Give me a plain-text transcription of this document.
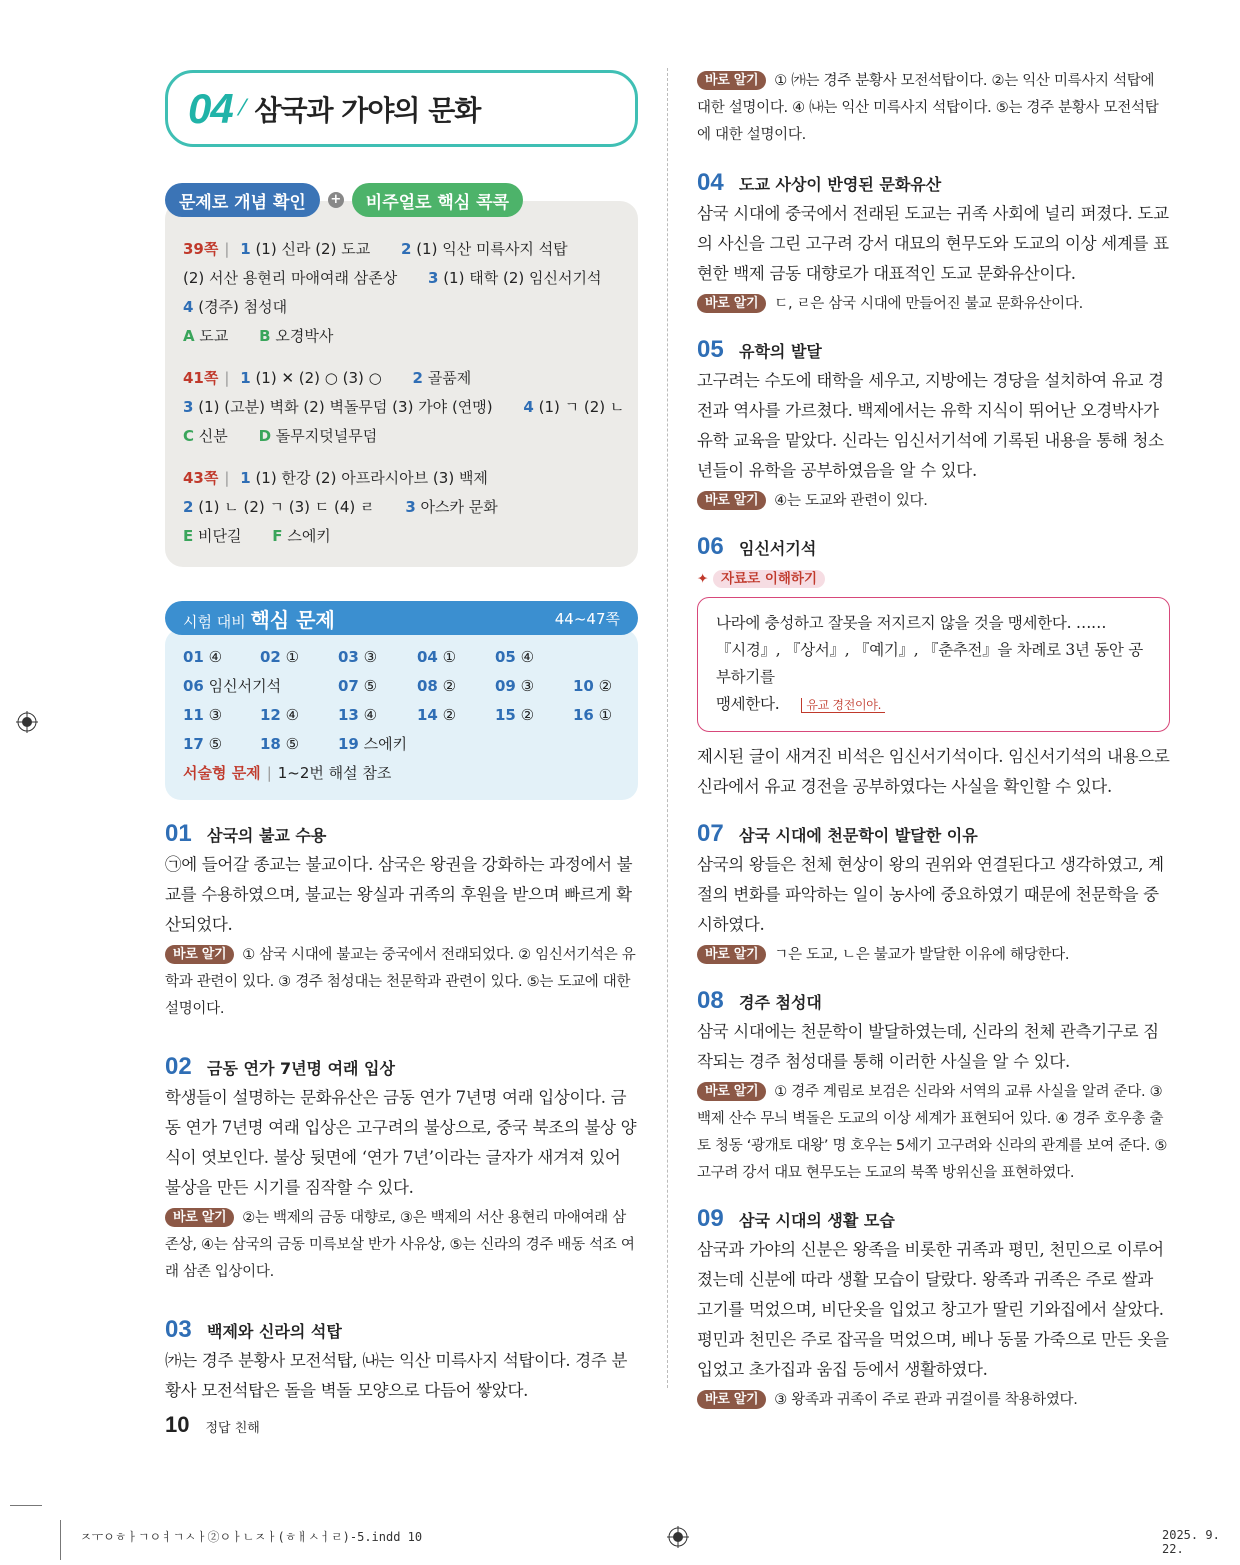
04 ⁄ 삼국과 가야의 문화
문제로 개념 확인	+	비주얼로 핵심 콕콕
39쪽 | 1 (1) 신라 (2) 도교 2 (1) 익산 미륵사지 석탑
(2) 서산 용현리 마애여래 삼존상 3 (1) 태학 (2) 임신서기석
4 (경주) 첨성대
A 도교 B 오경박사
41쪽 | 1 (1) ✕ (2) ○ (3) ○ 2 골품제
3 (1) (고분) 벽화 (2) 벽돌무덤 (3) 가야 (연맹) 4 (1) ㄱ (2) ㄴ
C 신분 D 돌무지덧널무덤
43쪽 | 1 (1) 한강 (2) 아프라시아브 (3) 백제
2 (1) ㄴ (2) ㄱ (3) ㄷ (4) ㄹ 3 아스카 문화
E 비단길 F 스에키
시험 대비 핵심 문제	44~47쪽
01 ④	02 ①	03 ③	04 ①	05 ④
06 임신서기석	07 ⑤	08 ②	09 ③	10 ②
11 ③	12 ④	13 ④	14 ②	15 ②	16 ①
17 ⑤	18 ⑤	19 스에키
서술형 문제 | 1~2번 해설 참조
01 삼국의 불교 수용
㉠에 들어갈 종교는 불교이다. 삼국은 왕권을 강화하는 과정에서 불교를 수용하였으며, 불교는 왕실과 귀족의 후원을 받으며 빠르게 확산되었다.
바로 알기 ① 삼국 시대에 불교는 중국에서 전래되었다. ② 임신서기석은 유학과 관련이 있다. ③ 경주 첨성대는 천문학과 관련이 있다. ⑤는 도교에 대한 설명이다.
02 금동 연가 7년명 여래 입상
학생들이 설명하는 문화유산은 금동 연가 7년명 여래 입상이다. 금동 연가 7년명 여래 입상은 고구려의 불상으로, 중국 북조의 불상 양식이 엿보인다. 불상 뒷면에 ‘연가 7년’이라는 글자가 새겨져 있어 불상을 만든 시기를 짐작할 수 있다.
바로 알기 ②는 백제의 금동 대향로, ③은 백제의 서산 용현리 마애여래 삼존상, ④는 삼국의 금동 미륵보살 반가 사유상, ⑤는 신라의 경주 배동 석조 여래 삼존 입상이다.
03 백제와 신라의 석탑
㈎는 경주 분황사 모전석탑, ㈏는 익산 미륵사지 석탑이다. 경주 분황사 모전석탑은 돌을 벽돌 모양으로 다듬어 쌓았다.
바로 알기 ① ㈎는 경주 분황사 모전석탑이다. ②는 익산 미륵사지 석탑에 대한 설명이다. ④ ㈏는 익산 미륵사지 석탑이다. ⑤는 경주 분황사 모전석탑에 대한 설명이다.
04 도교 사상이 반영된 문화유산
삼국 시대에 중국에서 전래된 도교는 귀족 사회에 널리 퍼졌다. 도교의 사신을 그린 고구려 강서 대묘의 현무도와 도교의 이상 세계를 표현한 백제 금동 대향로가 대표적인 도교 문화유산이다.
바로 알기 ㄷ, ㄹ은 삼국 시대에 만들어진 불교 문화유산이다.
05 유학의 발달
고구려는 수도에 태학을 세우고, 지방에는 경당을 설치하여 유교 경전과 역사를 가르쳤다. 백제에서는 유학 지식이 뛰어난 오경박사가 유학 교육을 맡았다. 신라는 임신서기석에 기록된 내용을 통해 청소년들이 유학을 공부하였음을 알 수 있다.
바로 알기 ④는 도교와 관련이 있다.
06 임신서기석
✦ 자료로 이해하기
나라에 충성하고 잘못을 저지르지 않을 것을 맹세한다. ……
『시경』, 『상서』, 『예기』, 『춘추전』을 차례로 3년 동안 공부하기를
맹세한다. 유교 경전이야.
제시된 글이 새겨진 비석은 임신서기석이다. 임신서기석의 내용으로 신라에서 유교 경전을 공부하였다는 사실을 확인할 수 있다.
07 삼국 시대에 천문학이 발달한 이유
삼국의 왕들은 천체 현상이 왕의 권위와 연결된다고 생각하였고, 계절의 변화를 파악하는 일이 농사에 중요하였기 때문에 천문학을 중시하였다.
바로 알기 ㄱ은 도교, ㄴ은 불교가 발달한 이유에 해당한다.
08 경주 첨성대
삼국 시대에는 천문학이 발달하였는데, 신라의 천체 관측기구로 짐작되는 경주 첨성대를 통해 이러한 사실을 알 수 있다.
바로 알기 ① 경주 계림로 보검은 신라와 서역의 교류 사실을 알려 준다. ③ 백제 산수 무늬 벽돌은 도교의 이상 세계가 표현되어 있다. ④ 경주 호우총 출토 청동 ‘광개토 대왕’ 명 호우는 5세기 고구려와 신라의 관계를 보여 준다. ⑤ 고구려 강서 대묘 현무도는 도교의 북쪽 방위신을 표현하였다.
09 삼국 시대의 생활 모습
삼국과 가야의 신분은 왕족을 비롯한 귀족과 평민, 천민으로 이루어졌는데 신분에 따라 생활 모습이 달랐다. 왕족과 귀족은 주로 쌀과 고기를 먹었으며, 비단옷을 입었고 창고가 딸린 기와집에서 살았다. 평민과 천민은 주로 잡곡을 먹었으며, 베나 동물 가죽으로 만든 옷을 입었고 초가집과 움집 등에서 생활하였다.
바로 알기 ③ 왕족과 귀족이 주로 관과 귀걸이를 착용하였다.
10 정답 친해
ㅈㅜㅇㅎㅏㄱㅇㅕㄱㅅㅏ②ㅇㅏㄴㅈㅏ(ㅎㅐㅅㅓㄹ)-5.indd 10	2025. 9. 22.
